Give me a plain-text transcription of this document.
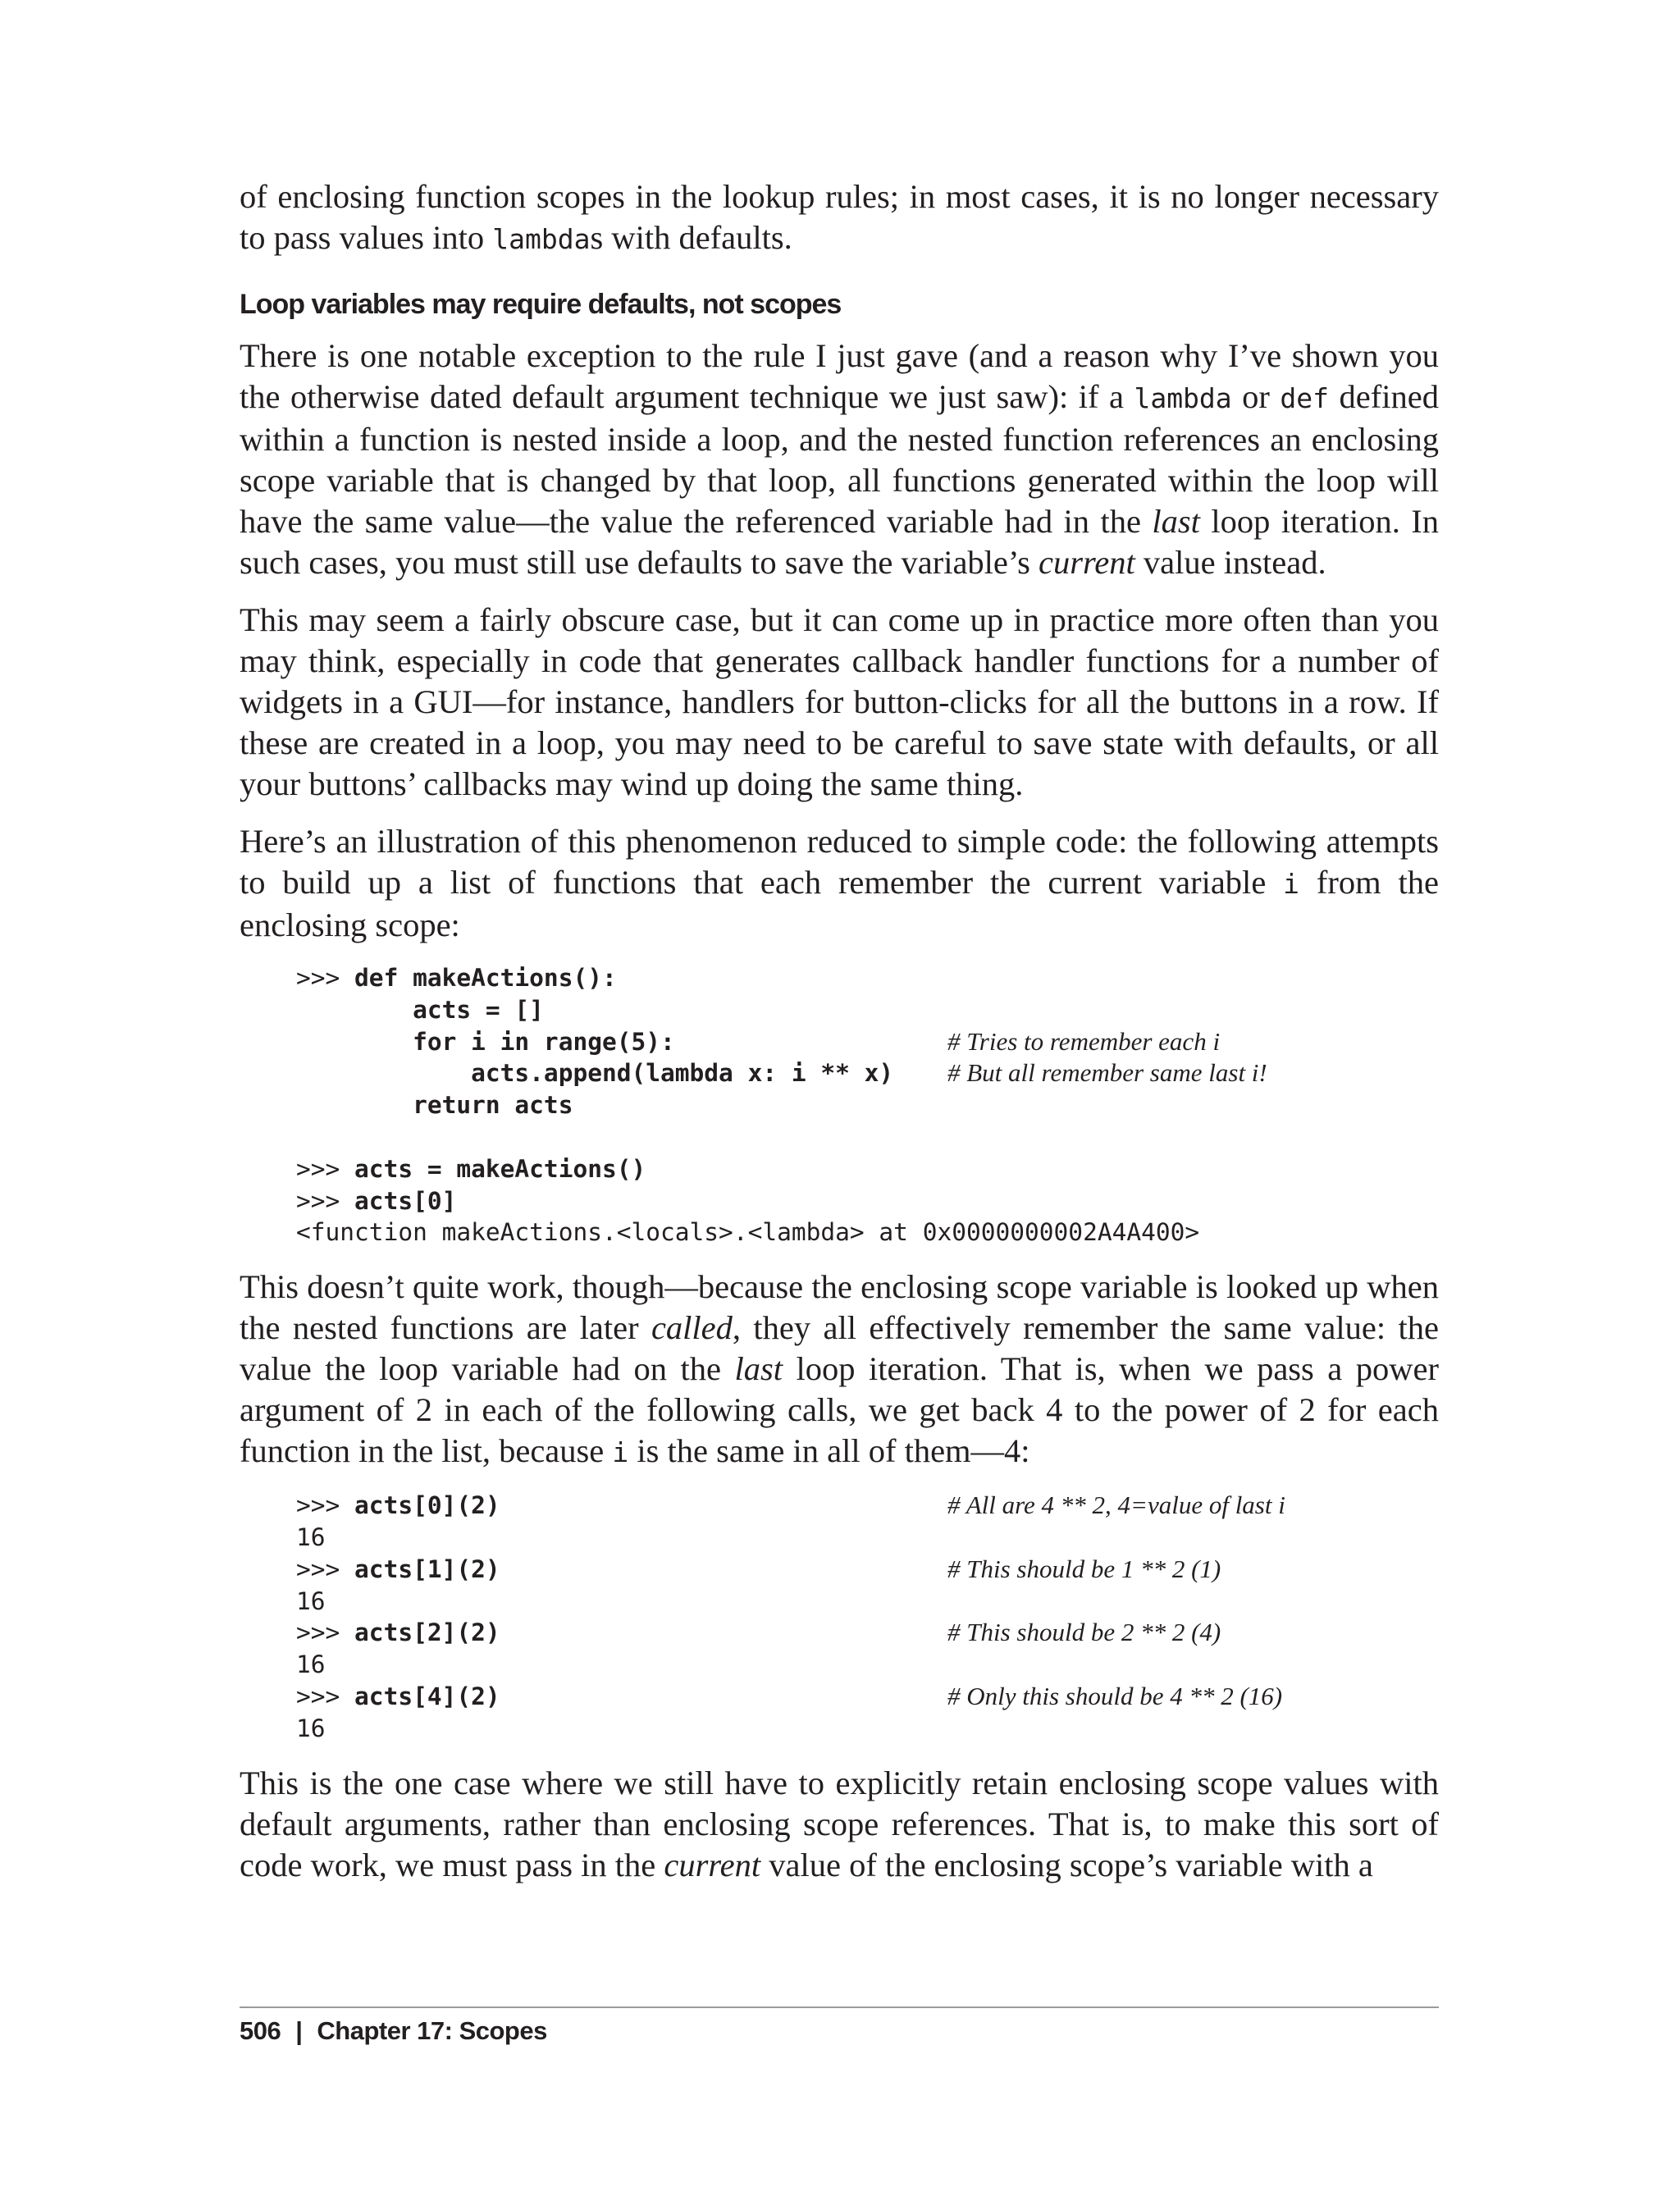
of enclosing function scopes in the lookup rules; in most cases, it is no longer necessary to pass values into lambdas with defaults.

Loop variables may require defaults, not scopes

There is one notable exception to the rule I just gave (and a reason why I’ve shown you the otherwise dated default argument technique we just saw): if a lambda or def defined within a function is nested inside a loop, and the nested function references an enclosing scope variable that is changed by that loop, all functions generated within the loop will have the same value—the value the referenced variable had in the last loop iteration. In such cases, you must still use defaults to save the variable’s current value instead.

This may seem a fairly obscure case, but it can come up in practice more often than you may think, especially in code that generates callback handler functions for a number of widgets in a GUI—for instance, handlers for button-clicks for all the buttons in a row. If these are created in a loop, you may need to be careful to save state with defaults, or all your buttons’ callbacks may wind up doing the same thing.

Here’s an illustration of this phenomenon reduced to simple code: the following attempts to build up a list of functions that each remember the current variable i from the enclosing scope:

>>> def makeActions():
acts = []
for i in range(5):	# Tries to remember each i
acts.append(lambda x: i ** x) # But all remember same last i!
return acts
>>> acts = makeActions()
>>> acts[0]
<function makeActions.<locals>.<lambda> at 0x0000000002A4A400>

This doesn’t quite work, though—because the enclosing scope variable is looked up when the nested functions are later called, they all effectively remember the same value: the value the loop variable had on the last loop iteration. That is, when we pass a power argument of 2 in each of the following calls, we get back 4 to the power of 2 for each function in the list, because i is the same in all of them—4:

>>> acts[0](2)	# All are 4 ** 2, 4=value of last i
16
>>> acts[1](2)	# This should be 1 ** 2 (1)
16
>>> acts[2](2)	# This should be 2 ** 2 (4)
16
>>> acts[4](2)	# Only this should be 4 ** 2 (16)
16

This is the one case where we still have to explicitly retain enclosing scope values with default arguments, rather than enclosing scope references. That is, to make this sort of code work, we must pass in the current value of the enclosing scope’s variable with a

506 | Chapter 17: Scopes
